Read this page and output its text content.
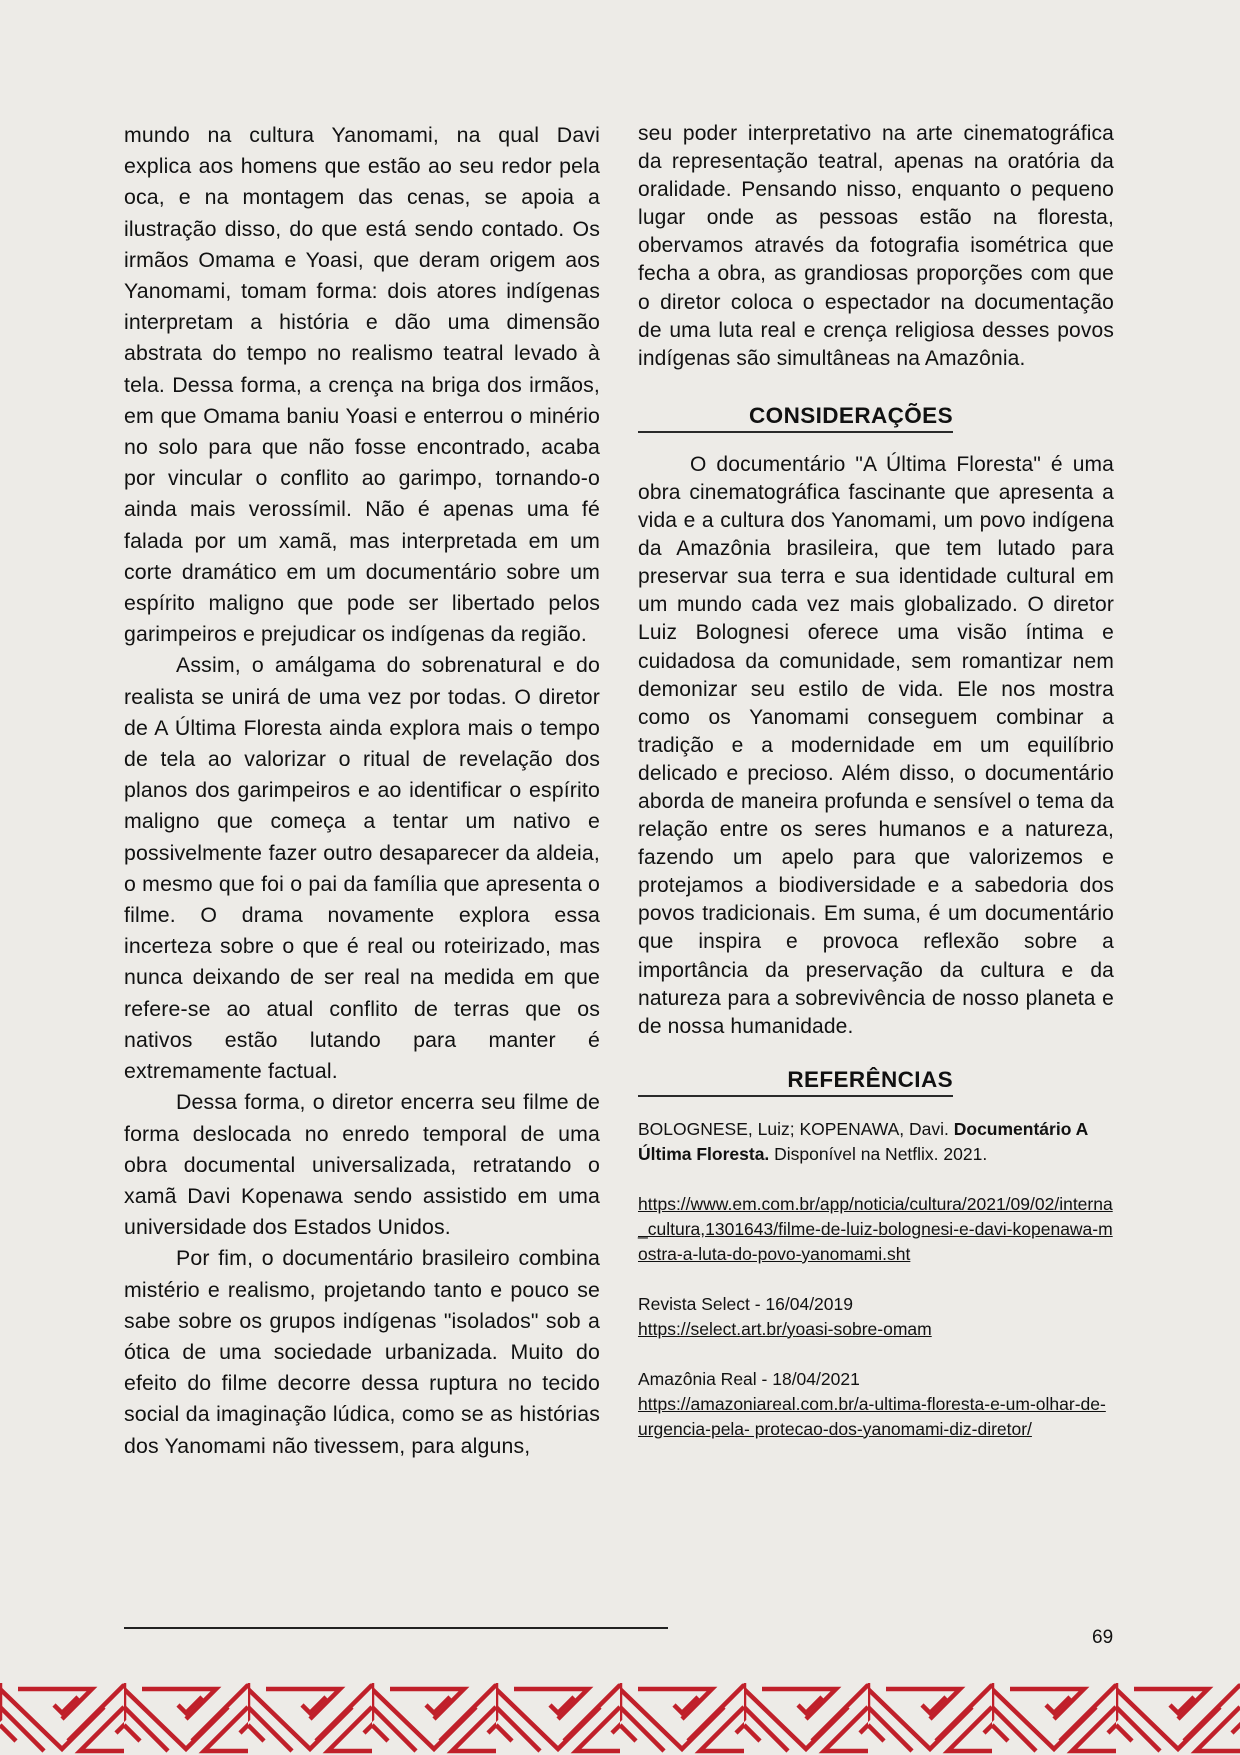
mundo na cultura Yanomami, na qual Davi explica aos homens que estão ao seu redor pela oca, e na montagem das cenas, se apoia a ilustração disso, do que está sendo contado. Os irmãos Omama e Yoasi, que deram origem aos Yanomami, tomam forma: dois atores indígenas interpretam a história e dão uma dimensão abstrata do tempo no realismo teatral levado à tela. Dessa forma, a crença na briga dos irmãos, em que Omama baniu Yoasi e enterrou o minério no solo para que não fosse encontrado, acaba por vincular o conflito ao garimpo, tornando-o ainda mais verossímil. Não é apenas uma fé falada por um xamã, mas interpretada em um corte dramático em um documentário sobre um espírito maligno que pode ser libertado pelos garimpeiros e prejudicar os indígenas da região.

Assim, o amálgama do sobrenatural e do realista se unirá de uma vez por todas. O diretor de A Última Floresta ainda explora mais o tempo de tela ao valorizar o ritual de revelação dos planos dos garimpeiros e ao identificar o espírito maligno que começa a tentar um nativo e possivelmente fazer outro desaparecer da aldeia, o mesmo que foi o pai da família que apresenta o filme. O drama novamente explora essa incerteza sobre o que é real ou roteirizado, mas nunca deixando de ser real na medida em que refere-se ao atual conflito de terras que os nativos estão lutando para manter é extremamente factual.

Dessa forma, o diretor encerra seu filme de forma deslocada no enredo temporal de uma obra documental universalizada, retratando o xamã Davi Kopenawa sendo assistido em uma universidade dos Estados Unidos.

Por fim, o documentário brasileiro combina mistério e realismo, projetando tanto e pouco se sabe sobre os grupos indígenas "isolados" sob a ótica de uma sociedade urbanizada. Muito do efeito do filme decorre dessa ruptura no tecido social da imaginação lúdica, como se as histórias dos Yanomami não tivessem, para alguns,

seu poder interpretativo na arte cinematográfica da representação teatral, apenas na oratória da oralidade. Pensando nisso, enquanto o pequeno lugar onde as pessoas estão na floresta, obervamos através da fotografia isométrica que fecha a obra, as grandiosas proporções com que o diretor coloca o espectador na documentação de uma luta real e crença religiosa desses povos indígenas são simultâneas na Amazônia.

CONSIDERAÇÕES

O documentário "A Última Floresta" é uma obra cinematográfica fascinante que apresenta a vida e a cultura dos Yanomami, um povo indígena da Amazônia brasileira, que tem lutado para preservar sua terra e sua identidade cultural em um mundo cada vez mais globalizado. O diretor Luiz Bolognesi oferece uma visão íntima e cuidadosa da comunidade, sem romantizar nem demonizar seu estilo de vida. Ele nos mostra como os Yanomami conseguem combinar a tradição e a modernidade em um equilíbrio delicado e precioso. Além disso, o documentário aborda de maneira profunda e sensível o tema da relação entre os seres humanos e a natureza, fazendo um apelo para que valorizemos e protejamos a biodiversidade e a sabedoria dos povos tradicionais. Em suma, é um documentário que inspira e provoca reflexão sobre a importância da preservação da cultura e da natureza para a sobrevivência de nosso planeta e de nossa humanidade.

REFERÊNCIAS

BOLOGNESE, Luiz; KOPENAWA, Davi. Documentário A Última Floresta. Disponível na Netflix. 2021.

https://www.em.com.br/app/noticia/cultura/2021/09/02/interna_cultura,1301643/filme-de-luiz-bolognesi-e-davi-kopenawa-mostra-a-luta-do-povo-yanomami.sht

Revista Select - 16/04/2019
https://select.art.br/yoasi-sobre-omam

Amazônia Real - 18/04/2021
https://amazoniareal.com.br/a-ultima-floresta-e-um-olhar-de-urgencia-pela- protecao-dos-yanomami-diz-diretor/

69
